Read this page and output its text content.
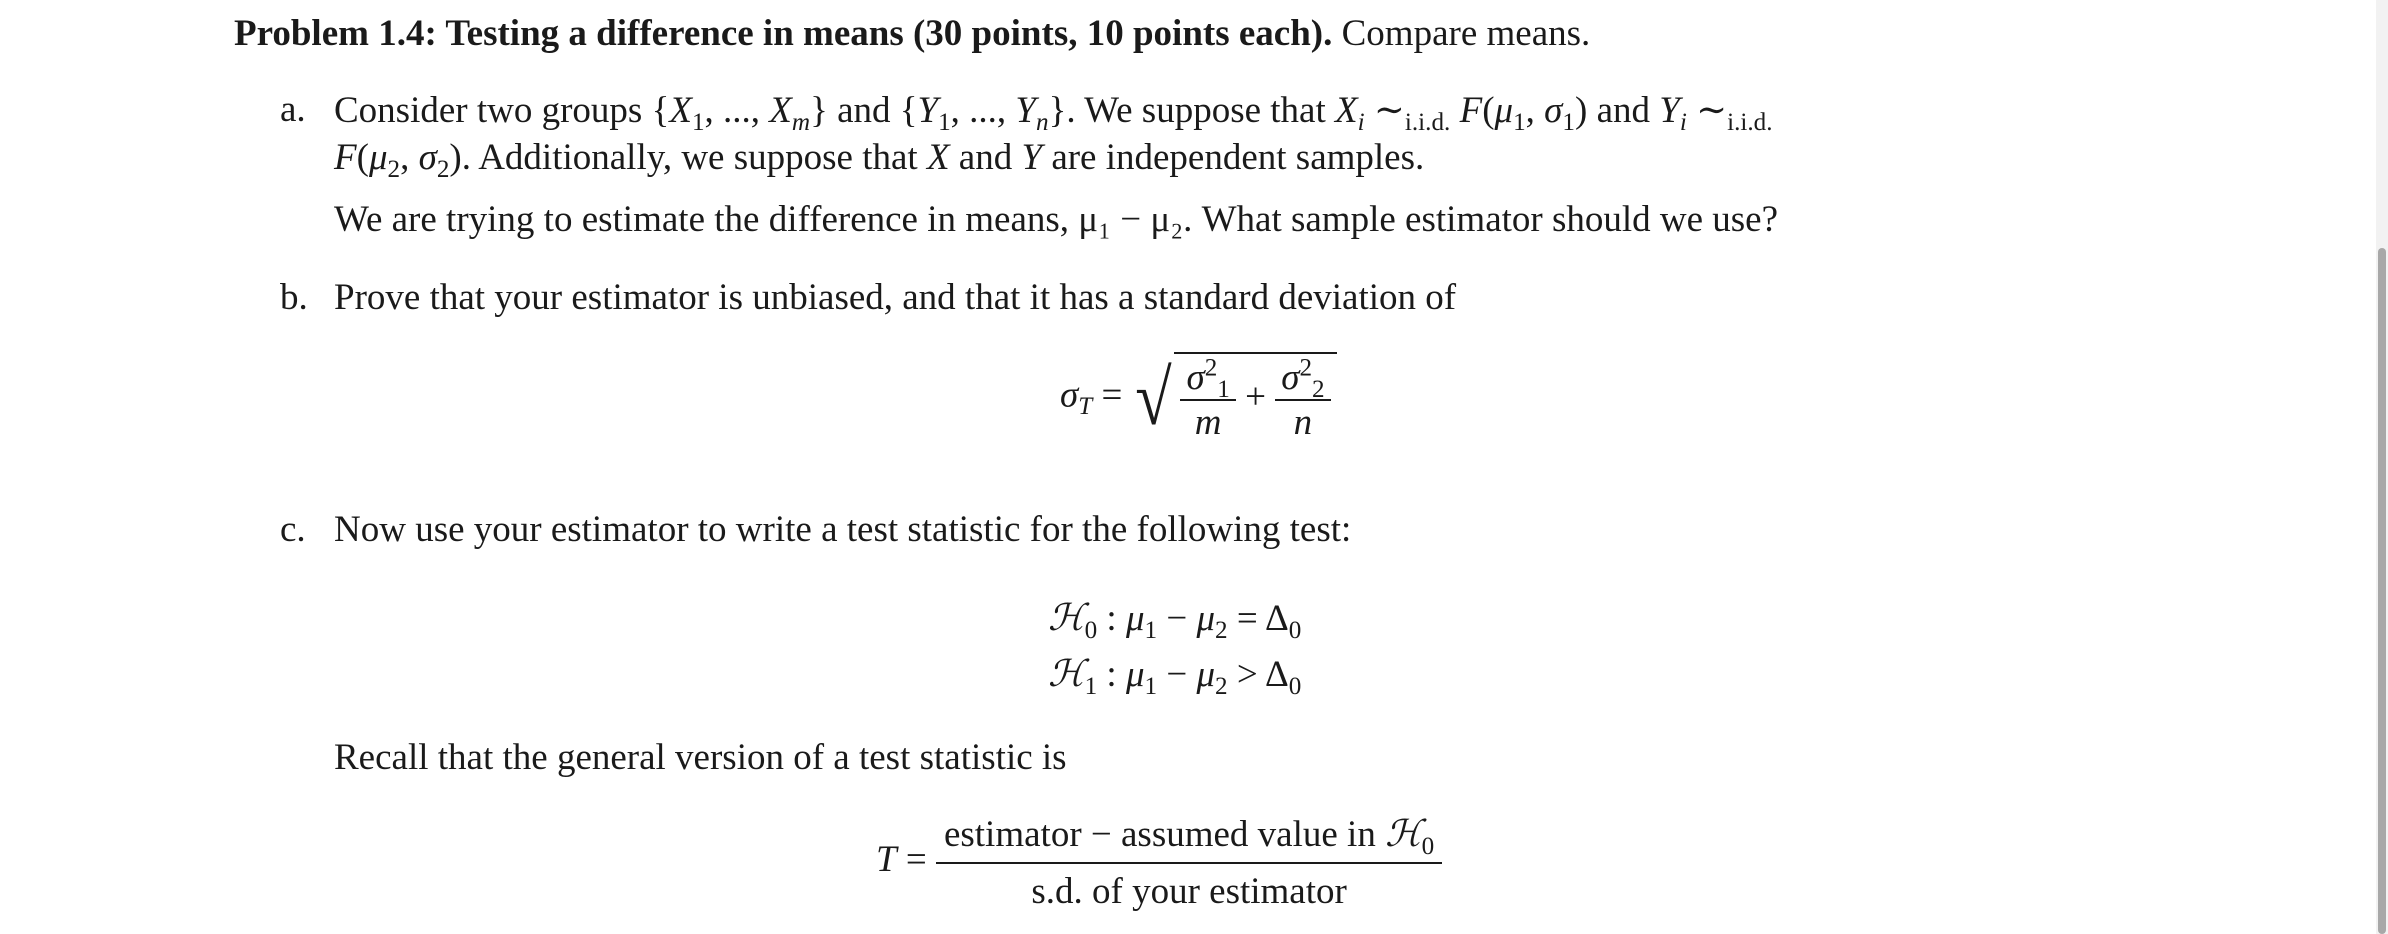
Problem 1.4: Testing a difference in means (30 points, 10 points each). Compare means.
a. Consider two groups {$X_1$, ..., $X_m$} and {$Y_1$, ..., $Y_n$}. We suppose that $X_i$ $\sim_{i.i.d.}$ $F(\mu_1$, $\sigma_1$) and $Y_i$ $\sim_{i.i.d.}$
$F(\mu_2$, $\sigma_2$). Additionally, we suppose that X and Y are independent samples.
We are trying to estimate the difference in means, μ₁ − μ₂. What sample estimator should we use?
b. Prove that your estimator is unbiased, and that it has a standard deviation of
$\sigma_T$ = √ $\frac{\sigma^2_1}{m} + \frac{\sigma^2_2}{n}$
c. Now use your estimator to write a test statistic for the following test:
ℋ$_0$ : $\mu_1 - \mu_2 = \Delta_0$
ℋ$_1$ : $\mu_1 - \mu_2 > \Delta_0$
Recall that the general version of a test statistic is
$T = \frac{estimator - assumed value in ℋ_0}{\text{s.d. of your estimator}}$
